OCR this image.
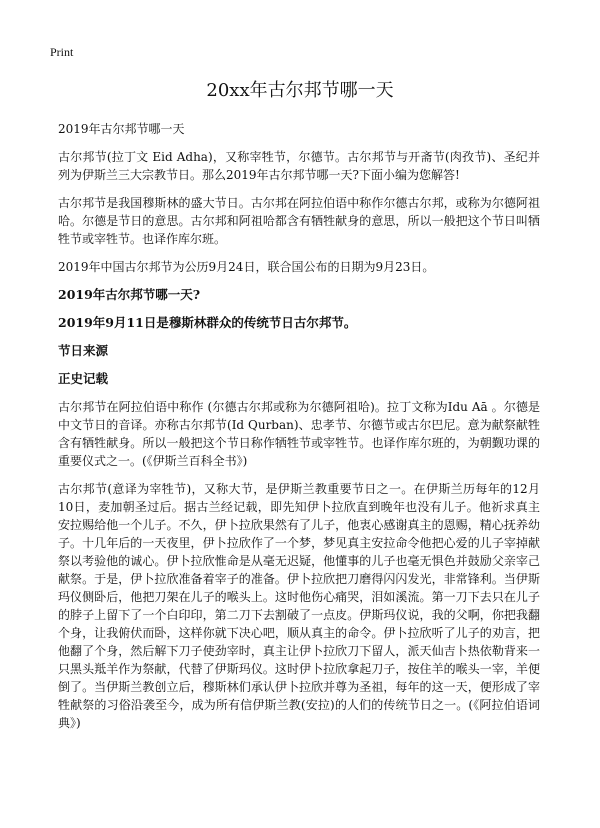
Print
20xx年古尔邦节哪一天

2019年古尔邦节哪一天

古尔邦节(拉丁文 Eid Adha)，又称宰牲节，尔德节。古尔邦节与开斋节(肉孜节)、圣纪并列为伊斯兰三大宗教节日。那么2019年古尔邦节哪一天?下面小编为您解答!

古尔邦节是我国穆斯林的盛大节日。古尔邦在阿拉伯语中称作尔德古尔邦，或称为尔德阿祖哈。尔德是节日的意思。古尔邦和阿祖哈都含有牺牲献身的意思，所以一般把这个节日叫牺牲节或宰牲节。也译作库尔班。

2019年中国古尔邦节为公历9月24日，联合国公布的日期为9月23日。

2019年古尔邦节哪一天?

2019年9月11日是穆斯林群众的传统节日古尔邦节。

节日来源

正史记载

古尔邦节在阿拉伯语中称作 (尔德古尔邦或称为尔德阿祖哈)。拉丁文称为Idu Aā 。尔德是中文节日的音译。亦称古尔邦节(Id Qurban)、忠孝节、尔德节或古尔巴尼。意为献祭献牲含有牺牲献身。所以一般把这个节日称作牺牲节或宰牲节。也译作库尔班的，为朝觐功课的重要仪式之一。(《伊斯兰百科全书》)

古尔邦节(意译为宰牲节)，又称大节，是伊斯兰教重要节日之一。在伊斯兰历每年的12月10日，麦加朝圣过后。据古兰经记载，即先知伊卜拉欣直到晚年也没有儿子。他祈求真主安拉赐给他一个儿子。不久，伊卜拉欣果然有了儿子，他衷心感谢真主的恩赐，精心抚养幼子。十几年后的一天夜里，伊卜拉欣作了一个梦，梦见真主安拉命令他把心爱的儿子宰掉献祭以考验他的诚心。伊卜拉欣惟命是从毫无迟疑，他懂事的儿子也毫无惧色并鼓励父亲宰己献祭。于是，伊卜拉欣准备着宰子的准备。伊卜拉欣把刀磨得闪闪发光，非常锋利。当伊斯玛仪侧卧后，他把刀架在儿子的喉头上。这时他伤心痛哭，泪如溪流。第一刀下去只在儿子的脖子上留下了一个白印印，第二刀下去割破了一点皮。伊斯玛仪说，我的父啊，你把我翻个身，让我俯伏而卧，这样你就下决心吧，顺从真主的命令。伊卜拉欣听了儿子的劝言，把他翻了个身，然后解下刀子使劲宰时，真主让伊卜拉欣刀下留人，派天仙吉卜热依勒背来一只黑头羝羊作为祭献，代替了伊斯玛仪。这时伊卜拉欣拿起刀子，按住羊的喉头一宰，羊便倒了。当伊斯兰教创立后，穆斯林们承认伊卜拉欣并尊为圣祖，每年的这一天，便形成了宰牲献祭的习俗沿袭至今，成为所有信伊斯兰教(安拉)的人们的传统节日之一。(《阿拉伯语词典》)
